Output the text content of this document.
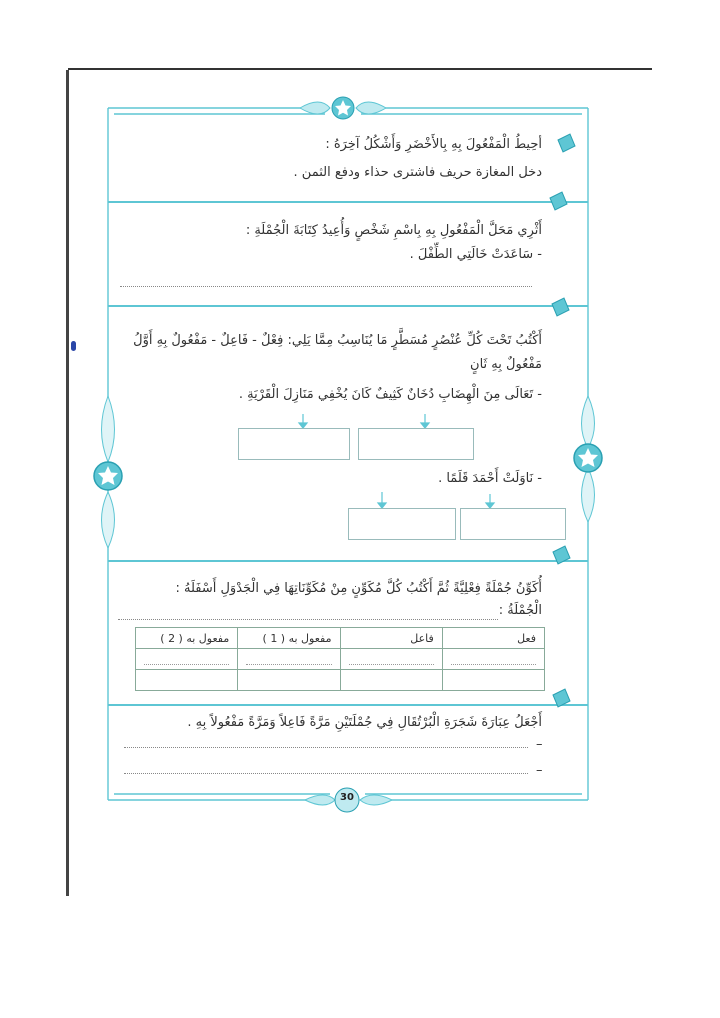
أحِيطُ الْمَفْعُولَ بِهِ بِالأَخْضَرِ وَأَشْكُلُ آخِرَهُ :
دخل المغازة حريف فاشترى حذاء ودفع الثمن .
أَثْرِي مَحَلَّ الْمَفْعُولِ بِهِ بِاسْمِ شَخْصٍ وَأُعِيدُ كِتَابَةَ الْجُمْلَةِ :
- سَاعَدَتْ خَالَتِي الطِّفْلَ .
أَكْتُبُ تَحْتَ كُلِّ عُنْصُرٍ مُسَطَّرٍ مَا يُنَاسِبُ مِمَّا يَلِي: فِعْلٌ - فَاعِلٌ - مَفْعُولٌ بِهِ أَوَّلُ
مَفْعُولٌ بِهِ ثَانٍ
- تَعَالَى مِنَ الْهِضَابِ دُخَانٌ كَثِيفٌ كَانَ يُخْفِي مَنَازِلَ الْقَرْيَةِ .
- نَاوَلَتْ أَحْمَدَ قَلَمًا .
أُكَوِّنُ جُمْلَةً فِعْلِيَّةً ثُمَّ أَكْتُبُ كُلَّ مُكَوِّنٍ مِنْ مُكَوِّنَاتِهَا فِي الْجَدْوَلِ أَسْفَلَهُ :
الْجُمْلَةُ :
فعل	فاعل	مفعول به ( 1 )	مفعول به ( 2 )

أَجْعَلُ عِبَارَةَ شَجَرَةِ الْبُرْتُقَالِ فِي جُمْلَتَيْنِ مَرَّةً فَاعِلاً وَمَرَّةً مَفْعُولاً بِهِ .
–
–
30
